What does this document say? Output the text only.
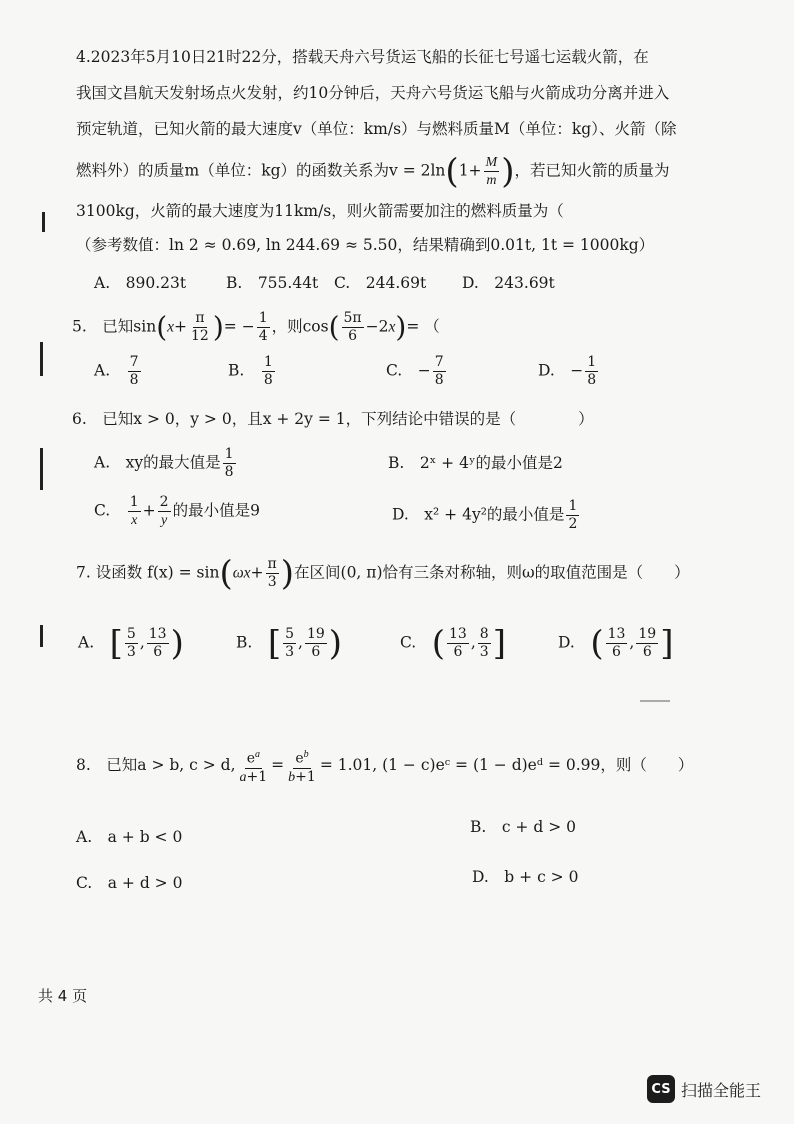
4.2023年5月10日21时22分，搭载天舟六号货运飞船的长征七号遥七运载火箭，在
我国文昌航天发射场点火发射，约10分钟后，天舟六号货运飞船与火箭成功分离并进入
预定轨道，已知火箭的最大速度v（单位：km/s）与燃料质量M（单位：kg）、火箭（除
燃料外）的质量m（单位：kg）的函数关系为$v = 2\ln(1+ \frac{M}{m}$ )，若已知火箭的质量为
3100kg，火箭的最大速度为11km/s，则火箭需要加注的燃料质量为（
（参考数值：ln 2 ≈ 0.69, ln 244.69 ≈ 5.50，结果精确到0.01t, 1t = 1000kg）
A.　890.23t	B.　755.44t C.　244.69t D.　243.69t
5.　已知$\sin(x+ \frac{\pi}{12}$ )= − $\frac{1}{4}$ ，则$\cos( \frac{5\pi}{6} -2x)=$ （
A.　 $\frac{7}{8}$	B.　 $\frac{1}{8}$	C.　− $\frac{7}{8}$	D.　− $\frac{1}{8}$
6.　已知x > 0，y > 0，且x + 2y = 1，下列结论中错误的是（　　　　）
A.　xy的最大值是 $\frac{1}{8}$	B.　2ˣ + 4ʸ的最小值是2
C.　 $\frac{1}{x} + \frac{2}{y}$ 的最小值是9	D.　x² + 4y²的最小值是 $\frac{1}{2}$
7. 设函数 $f(x) = \sin(\omega x+ \frac{\pi}{3}$ )在区间(0, π)恰有三条对称轴，则ω的取值范围是（　　）
A.　 [ $\frac{5}{3}$ , $\frac{13}{6}$ )	B.　 [ $\frac{5}{3}$ , $\frac{19}{6}$ )	C.　 ( $\frac{13}{6}$ , $\frac{8}{3}$ ]	D.　 ( $\frac{13}{6}$ , $\frac{19}{6}$ ]
8.　已知a > b, c > d, $\frac{e^a}{a+1} = \frac{e^b}{b+1} = 1.01$, (1 − c)eᶜ = (1 − d)eᵈ = 0.99，则（　　）
A.　a + b < 0
B.　c + d > 0
C.　a + d > 0	D.　b + c > 0
共 4 页
CS 扫描全能王
